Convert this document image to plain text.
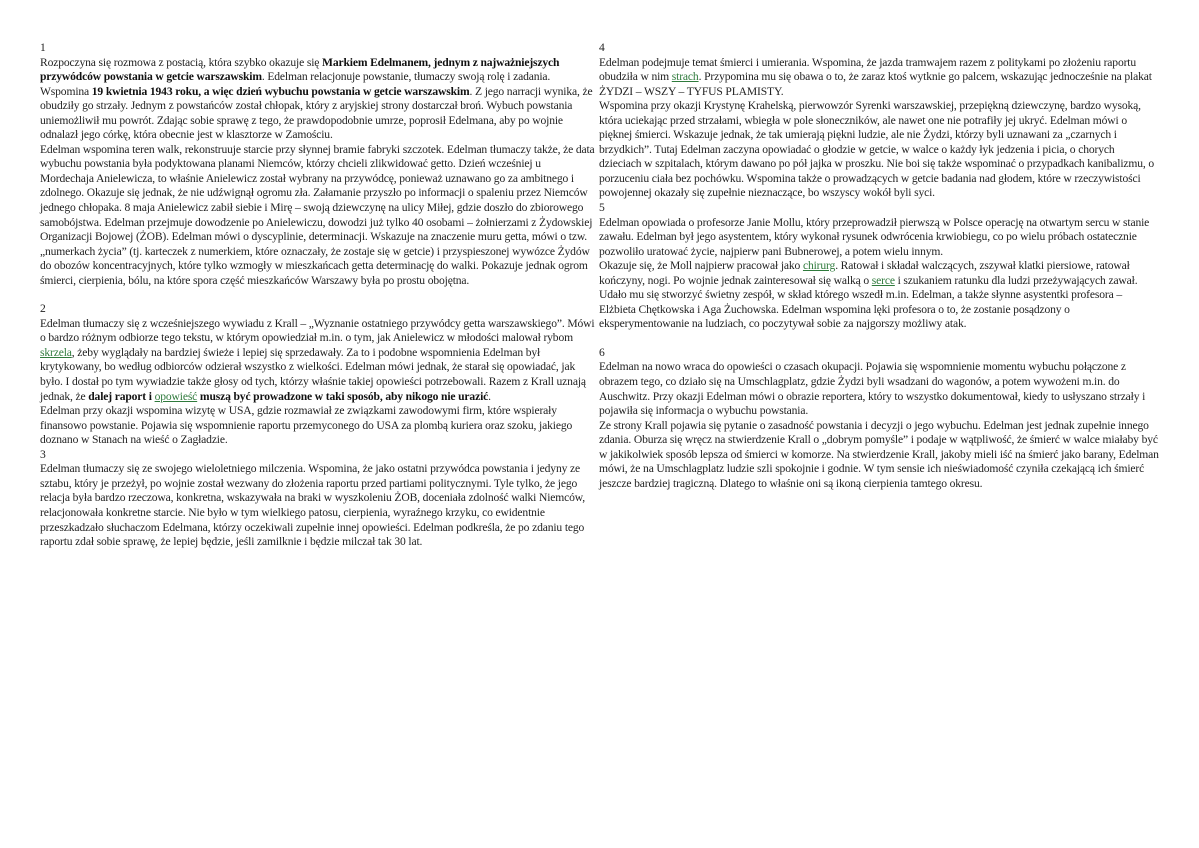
1
Rozpoczyna się rozmowa z postacią, która szybko okazuje się Markiem Edelmanem, jednym z najważniejszych przywódców powstania w getcie warszawskim. Edelman relacjonuje powstanie, tłumaczy swoją rolę i zadania. Wspomina 19 kwietnia 1943 roku, a więc dzień wybuchu powstania w getcie warszawskim. Z jego narracji wynika, że obudziły go strzały. Jednym z powstańców został chłopak, który z aryjskiej strony dostarczał broń. Wybuch powstania uniemożliwił mu powrót. Zdając sobie sprawę z tego, że prawdopodobnie umrze, poprosił Edelmana, aby po wojnie odnalazł jego córkę, która obecnie jest w klasztorze w Zamościu.
Edelman wspomina teren walk, rekonstruuje starcie przy słynnej bramie fabryki szczotek. Edelman tłumaczy także, że data wybuchu powstania była podyktowana planami Niemców, którzy chcieli zlikwidować getto. Dzień wcześniej u Mordechaja Anielewicza, to właśnie Anielewicz został wybrany na przywódcę, ponieważ uznawano go za ambitnego i zdolnego. Okazuje się jednak, że nie udźwignął ogromu zła. Załamanie przyszło po informacji o spaleniu przez Niemców jednego chłopaka. 8 maja Anielewicz zabił siebie i Mirę – swoją dziewczynę na ulicy Miłej, gdzie doszło do zbiorowego samobójstwa. Edelman przejmuje dowodzenie po Anielewiczu, dowodzi już tylko 40 osobami – żołnierzami z Żydowskiej Organizacji Bojowej (ŻOB). Edelman mówi o dyscyplinie, determinacji. Wskazuje na znaczenie muru getta, mówi o tzw. „numerkach życia” (tj. karteczek z numerkiem, które oznaczały, że zostaje się w getcie) i przyspieszonej wywózce Żydów do obozów koncentracyjnych, które tylko wzmogły w mieszkańcach getta determinację do walki. Pokazuje jednak ogrom śmierci, cierpienia, bólu, na które spora część mieszkańców Warszawy była po prostu obojętna.
2
Edelman tłumaczy się z wcześniejszego wywiadu z Krall – „Wyznanie ostatniego przywódcy getta warszawskiego”. Mówi o bardzo różnym odbiorze tego tekstu, w którym opowiedział m.in. o tym, jak Anielewicz w młodości malował rybom skrzela, żeby wyglądały na bardziej świeże i lepiej się sprzedawały. Za to i podobne wspomnienia Edelman był krytykowany, bo według odbiorców odzierał wszystko z wielkości. Edelman mówi jednak, że starał się opowiadać, jak było. I dostał po tym wywiadzie także głosy od tych, którzy właśnie takiej opowieści potrzebowali. Razem z Krall uznają jednak, że dalej raport i opowieść muszą być prowadzone w taki sposób, aby nikogo nie urazić.
Edelman przy okazji wspomina wizytę w USA, gdzie rozmawiał ze związkami zawodowymi firm, które wspierały finansowo powstanie. Pojawia się wspomnienie raportu przemyconego do USA za plombą kuriera oraz szoku, jakiego doznano w Stanach na wieść o Zagładzie.
3
Edelman tłumaczy się ze swojego wieloletniego milczenia. Wspomina, że jako ostatni przywódca powstania i jedyny ze sztabu, który je przeżył, po wojnie został wezwany do złożenia raportu przed partiami politycznymi. Tyle tylko, że jego relacja była bardzo rzeczowa, konkretna, wskazywała na braki w wyszkoleniu ŻOB, doceniała zdolność walki Niemców, relacjonowała konkretne starcie. Nie było w tym wielkiego patosu, cierpienia, wyraźnego krzyku, co ewidentnie przeszkadzało słuchaczom Edelmana, którzy oczekiwali zupełnie innej opowieści. Edelman podkreśla, że po zdaniu tego raportu zdał sobie sprawę, że lepiej będzie, jeśli zamilknie i będzie milczał tak 30 lat.
4
Edelman podejmuje temat śmierci i umierania. Wspomina, że jazda tramwajem razem z politykami po złożeniu raportu obudziła w nim strach. Przypomina mu się obawa o to, że zaraz ktoś wytknie go palcem, wskazując jednocześnie na plakat ŻYDZI – WSZY – TYFUS PLAMISTY.
Wspomina przy okazji Krystynę Krahelską, pierwowzór Syrenki warszawskiej, przepiękną dziewczynę, bardzo wysoką, która uciekając przed strzałami, wbiegła w pole słoneczników, ale nawet one nie potrafiły jej ukryć. Edelman mówi o pięknej śmierci. Wskazuje jednak, że tak umierają piękni ludzie, ale nie Żydzi, którzy byli uznawani za „czarnych i brzydkich”. Tutaj Edelman zaczyna opowiadać o głodzie w getcie, w walce o każdy łyk jedzenia i picia, o chorych dzieciach w szpitalach, którym dawano po pół jajka w proszku. Nie boi się także wspominać o przypadkach kanibalizmu, o porzuceniu ciała bez pochówku. Wspomina także o prowadzących w getcie badania nad głodem, które w rzeczywistości powojennej okazały się zupełnie nieznaczące, bo wszyscy wokół byli syci.
5
Edelman opowiada o profesorze Janie Mollu, który przeprowadził pierwszą w Polsce operację na otwartym sercu w stanie zawału. Edelman był jego asystentem, który wykonał rysunek odwrócenia krwiobiegu, co po wielu próbach ostatecznie pozwoliło uratować życie, najpierw pani Bubnerowej, a potem wielu innym.
Okazuje się, że Moll najpierw pracował jako chirurg. Ratował i składał walczących, zszywał klatki piersiowe, ratował kończyny, nogi. Po wojnie jednak zainteresował się walką o serce i szukaniem ratunku dla ludzi przeżywających zawał. Udało mu się stworzyć świetny zespół, w skład którego wszedł m.in. Edelman, a także słynne asystentki profesora – Elżbieta Chętkowska i Aga Żuchowska. Edelman wspomina lęki profesora o to, że zostanie posądzony o eksperymentowanie na ludziach, co poczytywał sobie za najgorszy możliwy atak.
6
Edelman na nowo wraca do opowieści o czasach okupacji. Pojawia się wspomnienie momentu wybuchu połączone z obrazem tego, co działo się na Umschlagplatz, gdzie Żydzi byli wsadzani do wagonów, a potem wywożeni m.in. do Auschwitz. Przy okazji Edelman mówi o obrazie reportera, który to wszystko dokumentował, kiedy to usłyszano strzały i pojawiła się informacja o wybuchu powstania.
Ze strony Krall pojawia się pytanie o zasadność powstania i decyzji o jego wybuchu. Edelman jest jednak zupełnie innego zdania. Oburza się wręcz na stwierdzenie Krall o „dobrym pomyśle” i podaje w wątpliwość, że śmierć w walce miałaby być w jakikolwiek sposób lepsza od śmierci w komorze. Na stwierdzenie Krall, jakoby mieli iść na śmierć jako barany, Edelman mówi, że na Umschlagplatz ludzie szli spokojnie i godnie. W tym sensie ich nieświadomość czyniła czekającą ich śmierć jeszcze bardziej tragiczną. Dlatego to właśnie oni są ikoną cierpienia tamtego okresu.
